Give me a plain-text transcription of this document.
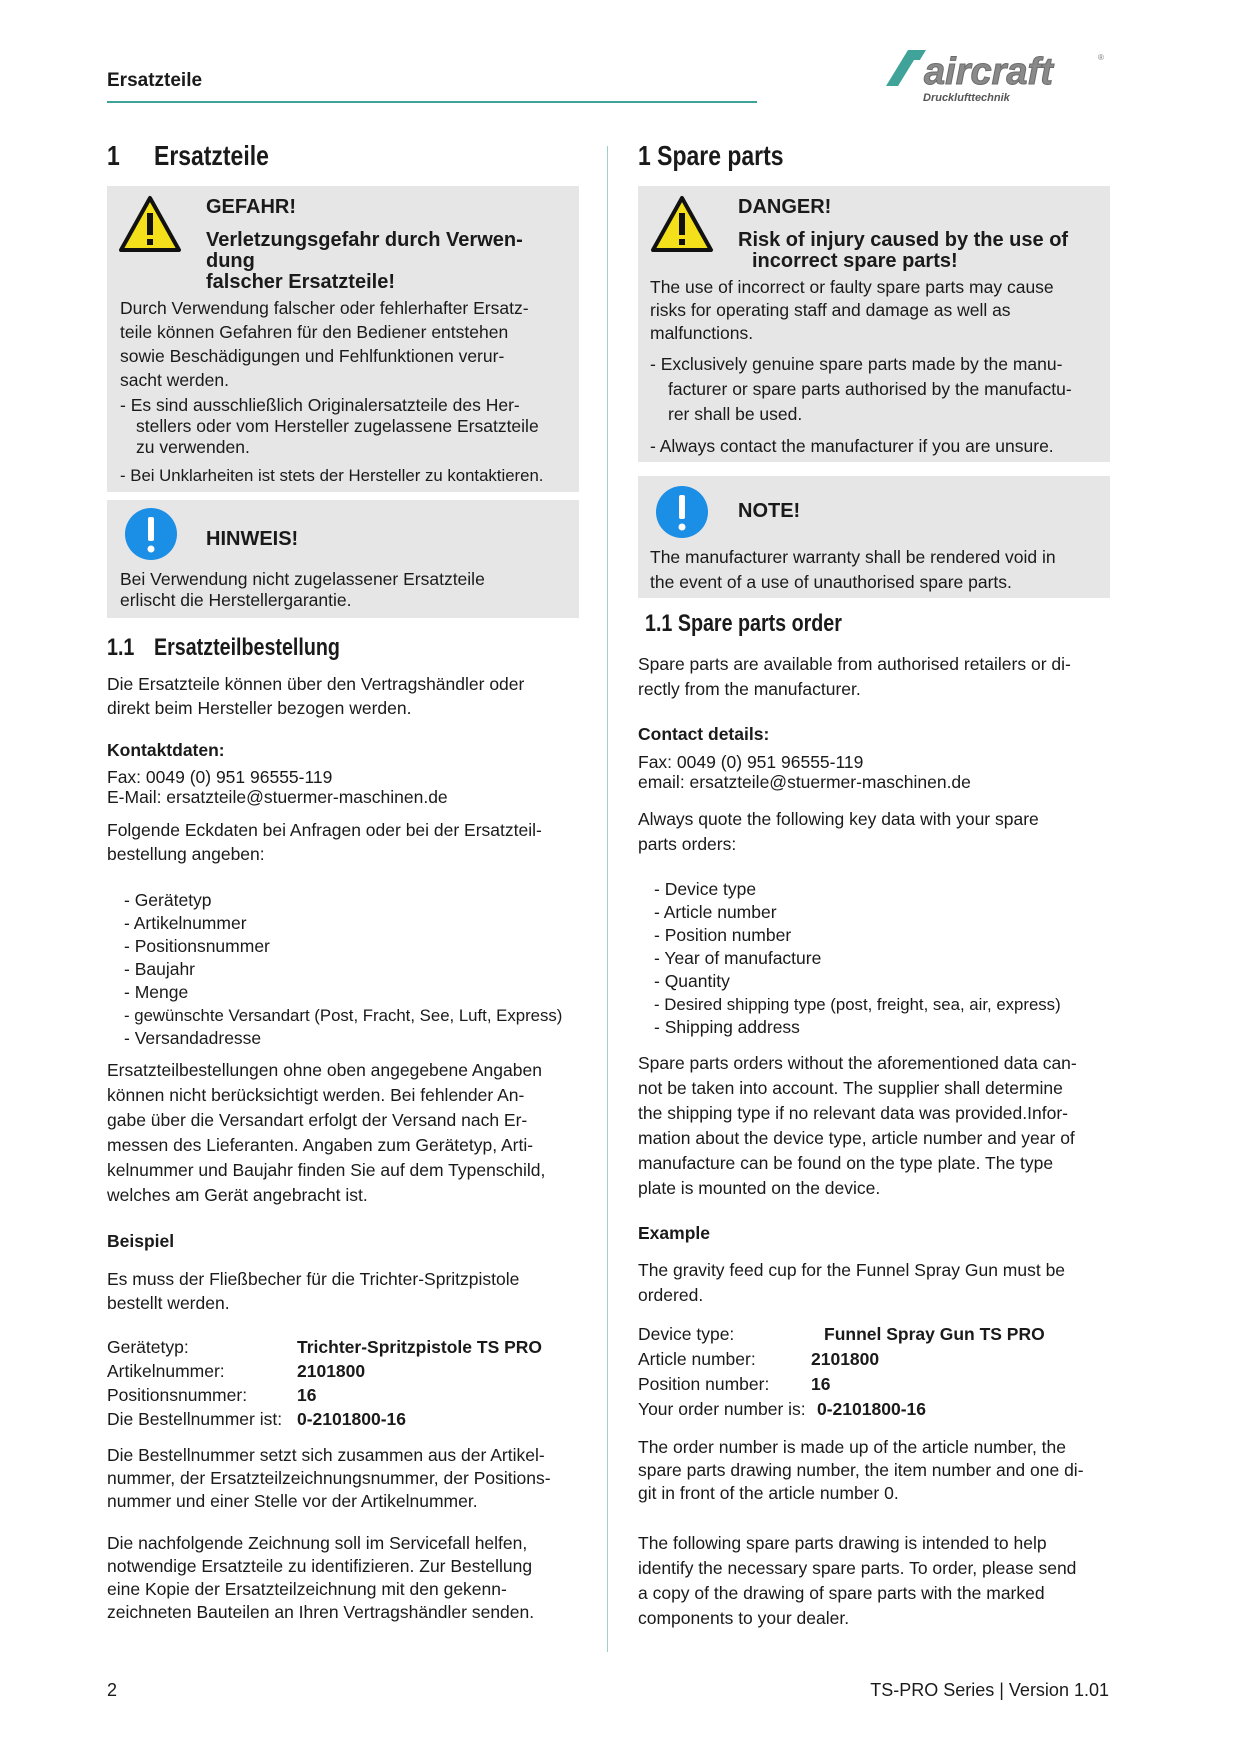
Ersatzteile	aircraft	®
Drucklufttechnik
1 Ersatzteile
GEFAHR!
Verletzungsgefahr durch Verwen-
dung
falscher Ersatzteile!
Durch Verwendung falscher oder fehlerhafter Ersatz-
teile können Gefahren für den Bediener entstehen
sowie Beschädigungen und Fehlfunktionen verur-
sacht werden.
- Es sind ausschließlich Originalersatzteile des Her-
stellers oder vom Hersteller zugelassene Ersatzteile
zu verwenden.
- Bei Unklarheiten ist stets der Hersteller zu kontaktieren.
HINWEIS!
Bei Verwendung nicht zugelassener Ersatzteile
erlischt die Herstellergarantie.
1.1 Ersatzteilbestellung
Die Ersatzteile können über den Vertragshändler oder
direkt beim Hersteller bezogen werden.
Kontaktdaten:
Fax: 0049 (0) 951 96555-119
E-Mail: ersatzteile@stuermer-maschinen.de
Folgende Eckdaten bei Anfragen oder bei der Ersatzteil-
bestellung angeben:
- Gerätetyp
- Artikelnummer
- Positionsnummer
- Baujahr
- Menge
- gewünschte Versandart (Post, Fracht, See, Luft, Express)
- Versandadresse
Ersatzteilbestellungen ohne oben angegebene Angaben
können nicht berücksichtigt werden. Bei fehlender An-
gabe über die Versandart erfolgt der Versand nach Er-
messen des Lieferanten. Angaben zum Gerätetyp, Arti-
kelnummer und Baujahr finden Sie auf dem Typenschild,
welches am Gerät angebracht ist.
Beispiel
Es muss der Fließbecher für die Trichter-Spritzpistole
bestellt werden.
Gerätetyp:	Trichter-Spritzpistole TS PRO
Artikelnummer:	2101800
Positionsnummer:	16
Die Bestellnummer ist: 0-2101800-16
Die Bestellnummer setzt sich zusammen aus der Artikel-
nummer, der Ersatzteilzeichnungsnummer, der Positions-
nummer und einer Stelle vor der Artikelnummer.
Die nachfolgende Zeichnung soll im Servicefall helfen,
notwendige Ersatzteile zu identifizieren. Zur Bestellung
eine Kopie der Ersatzteilzeichnung mit den gekenn-
zeichneten Bauteilen an Ihren Vertragshändler senden.
1 Spare parts
DANGER!
Risk of injury caused by the use of
incorrect spare parts!
The use of incorrect or faulty spare parts may cause
risks for operating staff and damage as well as
malfunctions.
- Exclusively genuine spare parts made by the manu-
facturer or spare parts authorised by the manufactu-
rer shall be used.
- Always contact the manufacturer if you are unsure.
NOTE!
The manufacturer warranty shall be rendered void in
the event of a use of unauthorised spare parts.
1.1 Spare parts order
Spare parts are available from authorised retailers or di-
rectly from the manufacturer.
Contact details:
Fax: 0049 (0) 951 96555-119
email: ersatzteile@stuermer-maschinen.de
Always quote the following key data with your spare
parts orders:
- Device type
- Article number
- Position number
- Year of manufacture
- Quantity
- Desired shipping type (post, freight, sea, air, express)
- Shipping address
Spare parts orders without the aforementioned data can-
not be taken into account. The supplier shall determine
the shipping type if no relevant data was provided.Infor-
mation about the device type, article number and year of
manufacture can be found on the type plate. The type
plate is mounted on the device.
Example
The gravity feed cup for the Funnel Spray Gun must be
ordered.
Device type:	Funnel Spray Gun TS PRO
Article number:	2101800
Position number: 16
Your order number is: 0-2101800-16
The order number is made up of the article number, the
spare parts drawing number, the item number and one di-
git in front of the article number 0.
The following spare parts drawing is intended to help
identify the necessary spare parts. To order, please send
a copy of the drawing of spare parts with the marked
components to your dealer.
2	TS-PRO Series | Version 1.01
